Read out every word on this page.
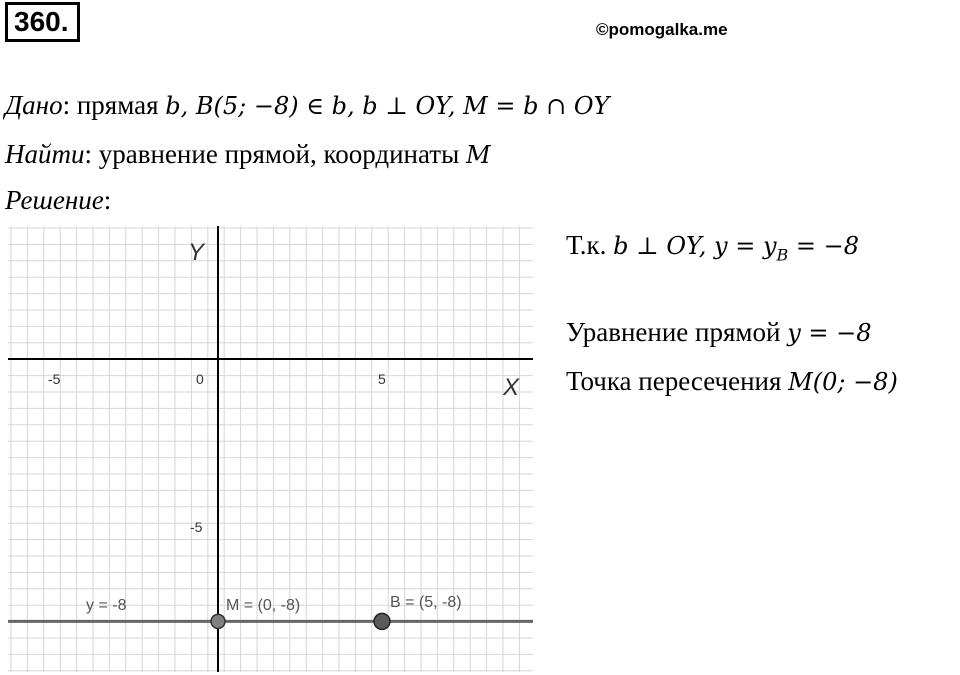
360.	©pomogalka.me
Дано: прямая b, B(5; −8) ∈ b, b ⊥ OY, M = b ∩ OY
Найти: уравнение прямой, координаты M
Решение:
Т.к. b ⊥ OY, $y = y_B = -8$
Уравнение прямой y = −8
Точка пересечения M(0; −8)
Y
X
-5	0	5
-5
y = -8	M = (0, -8)	B = (5, -8)
